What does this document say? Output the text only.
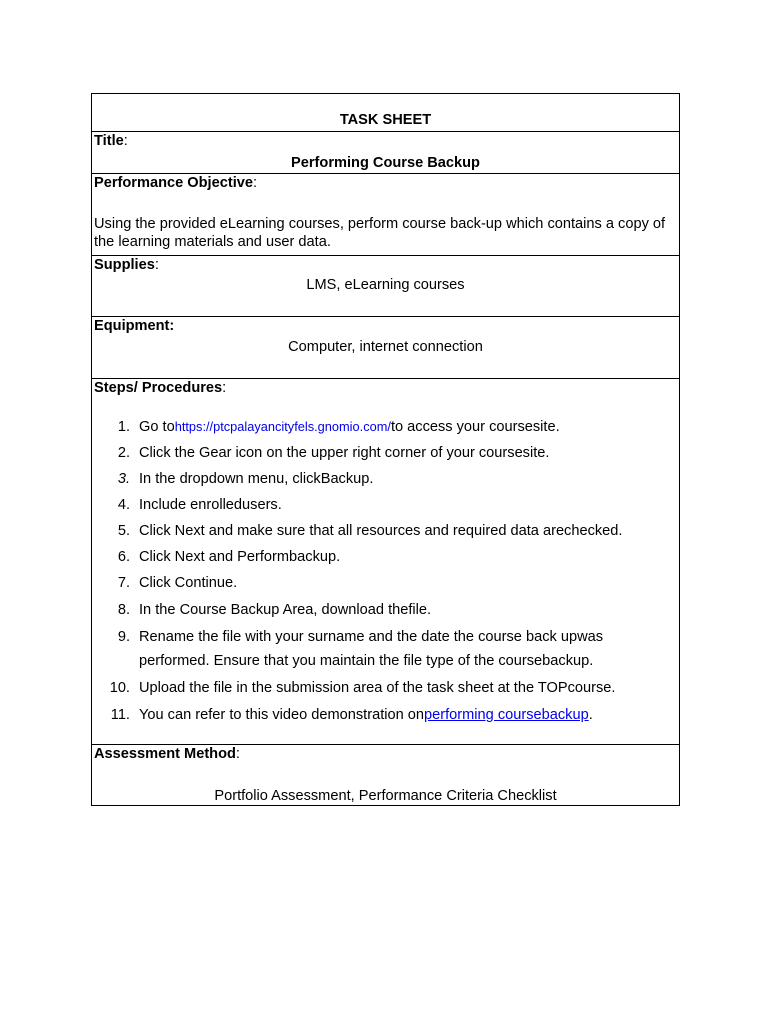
TASK SHEET
Title:
Performing Course Backup
Performance Objective:
Using the provided eLearning courses, perform course back-up which contains a copy of the learning materials and user data.
Supplies:
LMS, eLearning courses
Equipment:
Computer, internet connection
Steps/ Procedures:
1. Go tohttps://ptcpalayancityfels.gnomio.com/to access your coursesite.
2. Click the Gear icon on the upper right corner of your coursesite.
3. In the dropdown menu, clickBackup.
4. Include enrolledusers.
5. Click Next and make sure that all resources and required data arechecked.
6. Click Next and Performbackup.
7. Click Continue.
8. In the Course Backup Area, download thefile.
9. Rename the file with your surname and the date the course back upwas
performed. Ensure that you maintain the file type of the coursebackup.
10. Upload the file in the submission area of the task sheet at the TOPcourse.
11. You can refer to this video demonstration onperforming coursebackup.
Assessment Method:
Portfolio Assessment, Performance Criteria Checklist
